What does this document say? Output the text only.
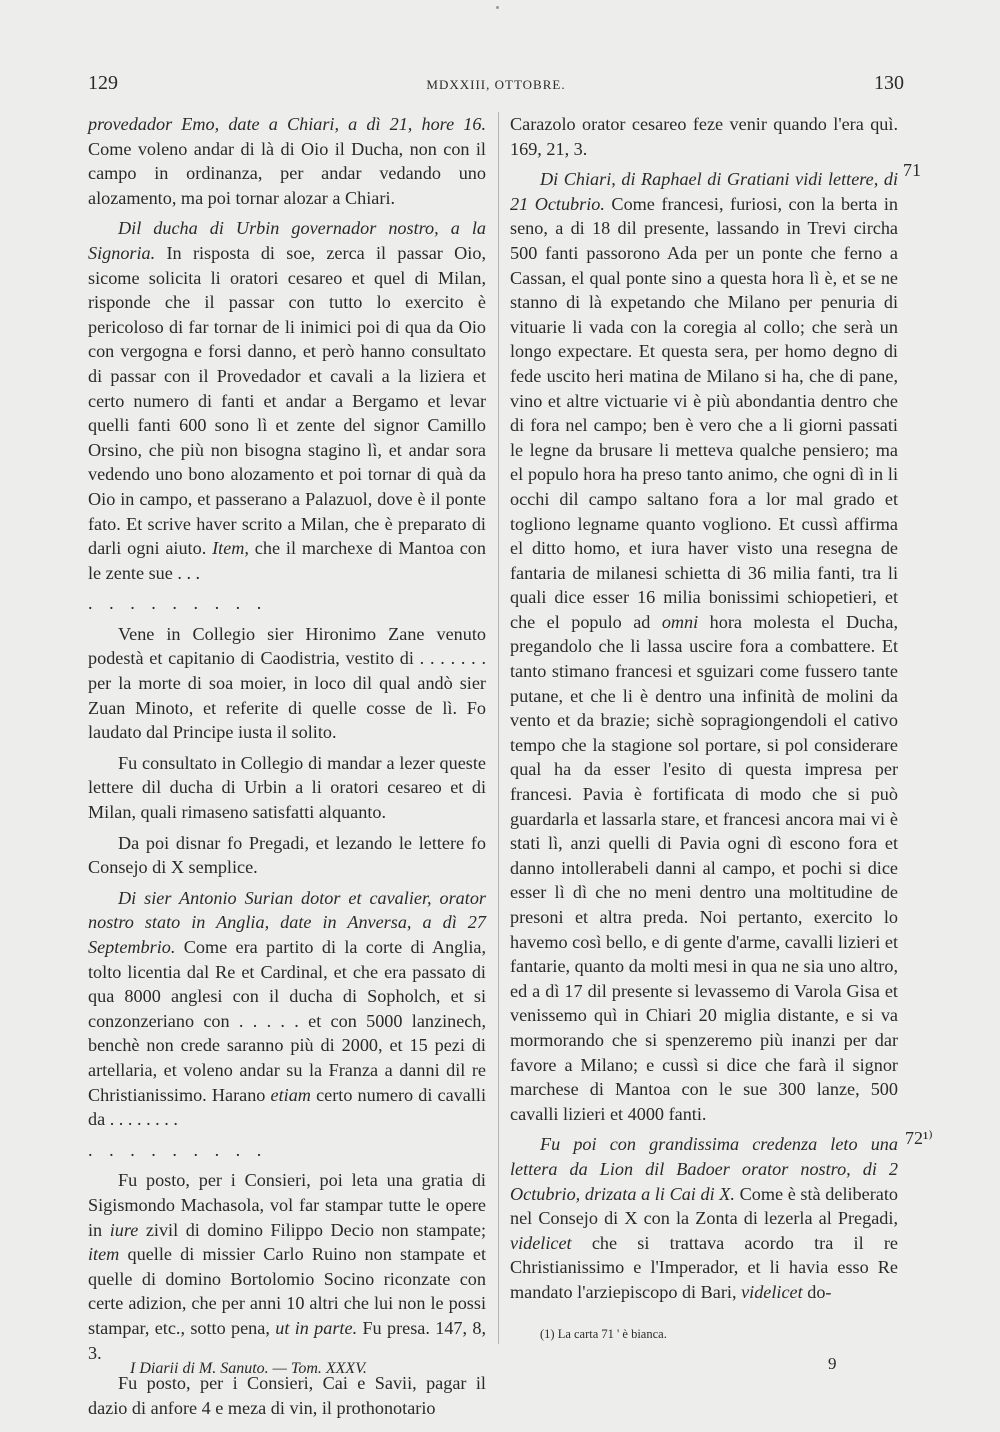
129	MDXXIII, OTTOBRE.	130

provedador Emo, date a Chiari, a dì 21, hore 16. Come voleno andar di là di Oio il Ducha, non con il campo in ordinanza, per andar vedando uno alozamento, ma poi tornar alozar a Chiari.

Dil ducha di Urbin governador nostro, a la Signoria. In risposta di soe, zerca il passar Oio, sicome solicita li oratori cesareo et quel di Milan, risponde che il passar con tutto lo exercito è pericoloso di far tornar de li inimici poi di qua da Oio con vergogna e forsi danno, et però hanno consultato di passar con il Provedador et cavali a la liziera et certo numero di fanti et andar a Bergamo et levar quelli fanti 600 sono lì et zente del signor Camillo Orsino, che più non bisogna stagino lì, et andar sora vedendo uno bono alozamento et poi tornar di quà da Oio in campo, et passerano a Palazuol, dove è il ponte fato. Et scrive haver scrito a Milan, che è preparato di darli ogni aiuto. Item, che il marchexe di Mantoa con le zente sue . . .

. . . . . . . . .

Vene in Collegio sier Hironimo Zane venuto podestà et capitanio di Caodistria, vestito di . . . . . . . per la morte di soa moier, in loco dil qual andò sier Zuan Minoto, et referite di quelle cosse de lì. Fo laudato dal Principe iusta il solito.

Fu consultato in Collegio di mandar a lezer queste lettere dil ducha di Urbin a li oratori cesareo et di Milan, quali rimaseno satisfatti alquanto.

Da poi disnar fo Pregadi, et lezando le lettere fo Consejo di X semplice.

Di sier Antonio Surian dotor et cavalier, orator nostro stato in Anglia, date in Anversa, a dì 27 Septembrio. Come era partito di la corte di Anglia, tolto licentia dal Re et Cardinal, et che era passato di qua 8000 anglesi con il ducha di Sopholch, et si conzonzeriano con . . . . . et con 5000 lanzinech, benchè non crede saranno più di 2000, et 15 pezi di artellaria, et voleno andar su la Franza a danni dil re Christianissimo. Harano etiam certo numero di cavalli da . . . . . . . .

. . . . . . . . .

Fu posto, per i Consieri, poi leta una gratia di Sigismondo Machasola, vol far stampar tutte le opere in iure zivil di domino Filippo Decio non stampate; item quelle di missier Carlo Ruino non stampate et quelle di domino Bortolomio Socino riconzate con certe adizion, che per anni 10 altri che lui non le possi stampar, etc., sotto pena, ut in parte. Fu presa. 147, 8, 3.

Fu posto, per i Consieri, Cai e Savii, pagar il dazio di anfore 4 e meza di vin, il prothonotario

Carazolo orator cesareo feze venir quando l'era quì. 169, 21, 3.

Di Chiari, di Raphael di Gratiani vidi lettere, di 21 Octubrio. Come francesi, furiosi, con la berta in seno, a di 18 dil presente, lassando in Trevi circha 500 fanti passorono Ada per un ponte che ferno a Cassan, el qual ponte sino a questa hora lì è, et se ne stanno di là expetando che Milano per penuria di vituarie li vada con la coregia al collo; che serà un longo expectare. Et questa sera, per homo degno di fede uscito heri matina de Milano si ha, che di pane, vino et altre victuarie vi è più abondantia dentro che di fora nel campo; ben è vero che a li giorni passati le legne da brusare li metteva qualche pensiero; ma el populo hora ha preso tanto animo, che ogni dì in li occhi dil campo saltano fora a lor mal grado et togliono legname quanto vogliono. Et cussì affirma el ditto homo, et iura haver visto una resegna de fantaria de milanesi schietta di 36 milia fanti, tra li quali dice esser 16 milia bonissimi schiopetieri, et che el populo ad omni hora molesta el Ducha, pregandolo che li lassa uscire fora a combattere. Et tanto stimano francesi et sguizari come fussero tante putane, et che li è dentro una infinità de molini da vento et da brazie; sichè sopragiongendoli el cativo tempo che la stagione sol portare, si pol considerare qual ha da esser l'esito di questa impresa per francesi. Pavia è fortificata di modo che si può guardarla et lassarla stare, et francesi ancora mai vi è stati lì, anzi quelli di Pavia ogni dì escono fora et danno intollerabeli danni al campo, et pochi si dice esser lì dì che no meni dentro una moltitudine de presoni et altra preda. Noi pertanto, exercito lo havemo così bello, e di gente d'arme, cavalli lizieri et fantarie, quanto da molti mesi in qua ne sia uno altro, ed a dì 17 dil presente si levassemo di Varola Gisa et venissemo quì in Chiari 20 miglia distante, e si va mormorando che si spenzeremo più inanzi per dar favore a Milano; e cussì si dice che farà il signor marchese di Mantoa con le sue 300 lanze, 500 cavalli lizieri et 4000 fanti.

Fu poi con grandissima credenza leto una lettera da Lion dil Badoer orator nostro, di 2 Octubrio, drizata a li Cai di X. Come è stà deliberato nel Consejo di X con la Zonta di lezerla al Pregadi, videlicet che si trattava acordo tra il re Christianissimo e l'Imperador, et li havia esso Re mandato l'arziepiscopo di Bari, videlicet do-

71
72¹⁾
(1) La carta 71 ' è bianca.
I Diarii di M. Sanuto. — Tom. XXXV.	9
